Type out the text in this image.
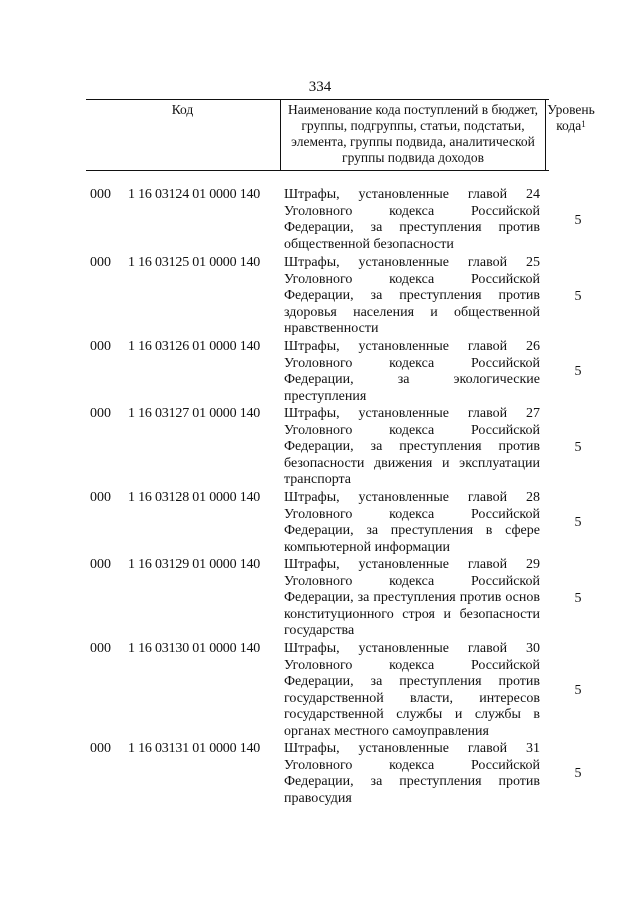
334
Код	Наименование кода поступлений в бюджет, группы, подгруппы, статьи, подстатьи, элемента, группы подвида, аналитической группы подвида доходов
Уровень кода$^1$
000 1 16 03124 01 0000 140 Штрафы, установленные главой 24 Уголовного кодекса Российской Федерации, за преступления против общественной безопасности
5
000 1 16 03125 01 0000 140 Штрафы, установленные главой 25 Уголовного кодекса Российской Федерации, за преступления против здоровья населения и общественной нравственности
5
000 1 16 03126 01 0000 140 Штрафы, установленные главой 26 Уголовного кодекса Российской Федерации, за экологические преступления
5
000 1 16 03127 01 0000 140 Штрафы, установленные главой 27 Уголовного кодекса Российской Федерации, за преступления против безопасности движения и эксплуатации транспорта
5
000 1 16 03128 01 0000 140 Штрафы, установленные главой 28 Уголовного кодекса Российской Федерации, за преступления в сфере компьютерной информации
5
000 1 16 03129 01 0000 140 Штрафы, установленные главой 29 Уголовного кодекса Российской Федерации, за преступления против основ конституционного строя и безопасности государства
5
000 1 16 03130 01 0000 140 Штрафы, установленные главой 30 Уголовного кодекса Российской Федерации, за преступления против государственной власти, интересов государственной службы и службы в органах местного самоуправления
5
000 1 16 03131 01 0000 140 Штрафы, установленные главой 31 Уголовного кодекса Российской Федерации, за преступления против правосудия
5
